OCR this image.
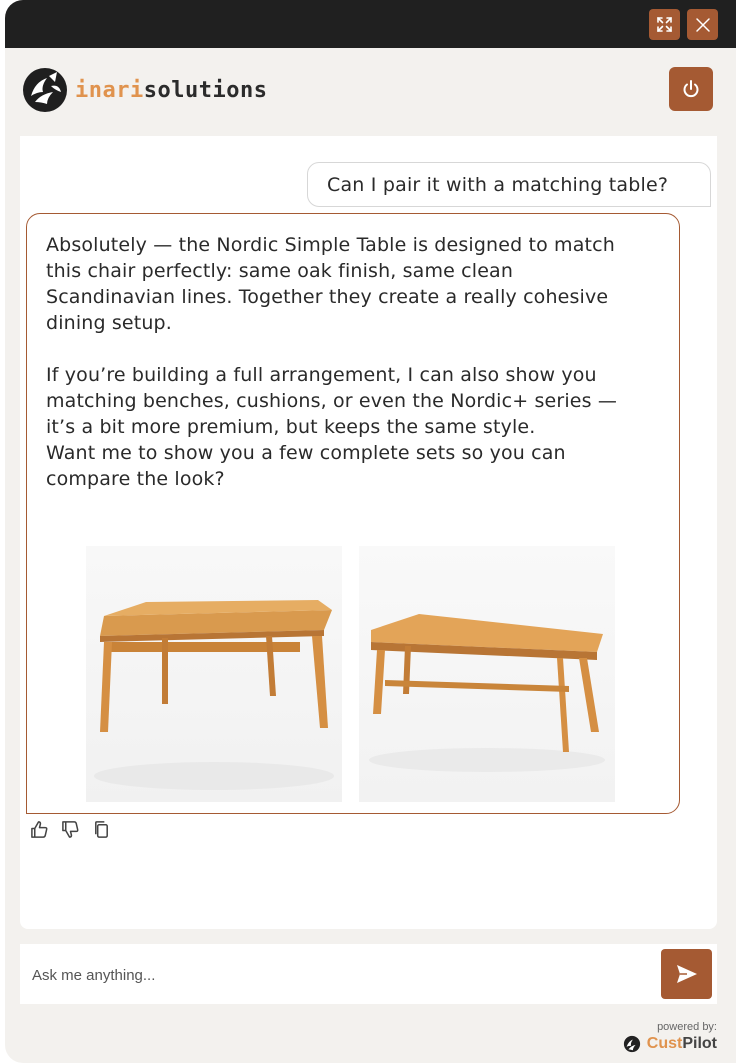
inarisolutions
Can I pair it with a matching table?

Absolutely — the Nordic Simple Table is designed to match this chair perfectly: same oak finish, same clean Scandinavian lines. Together they create a really cohesive dining setup.

If you’re building a full arrangement, I can also show you matching benches, cushions, or even the Nordic+ series — it’s a bit more premium, but keeps the same style.

Want me to show you a few complete sets so you can compare the look?

Ask me anything...
powered by:
CustPilot
